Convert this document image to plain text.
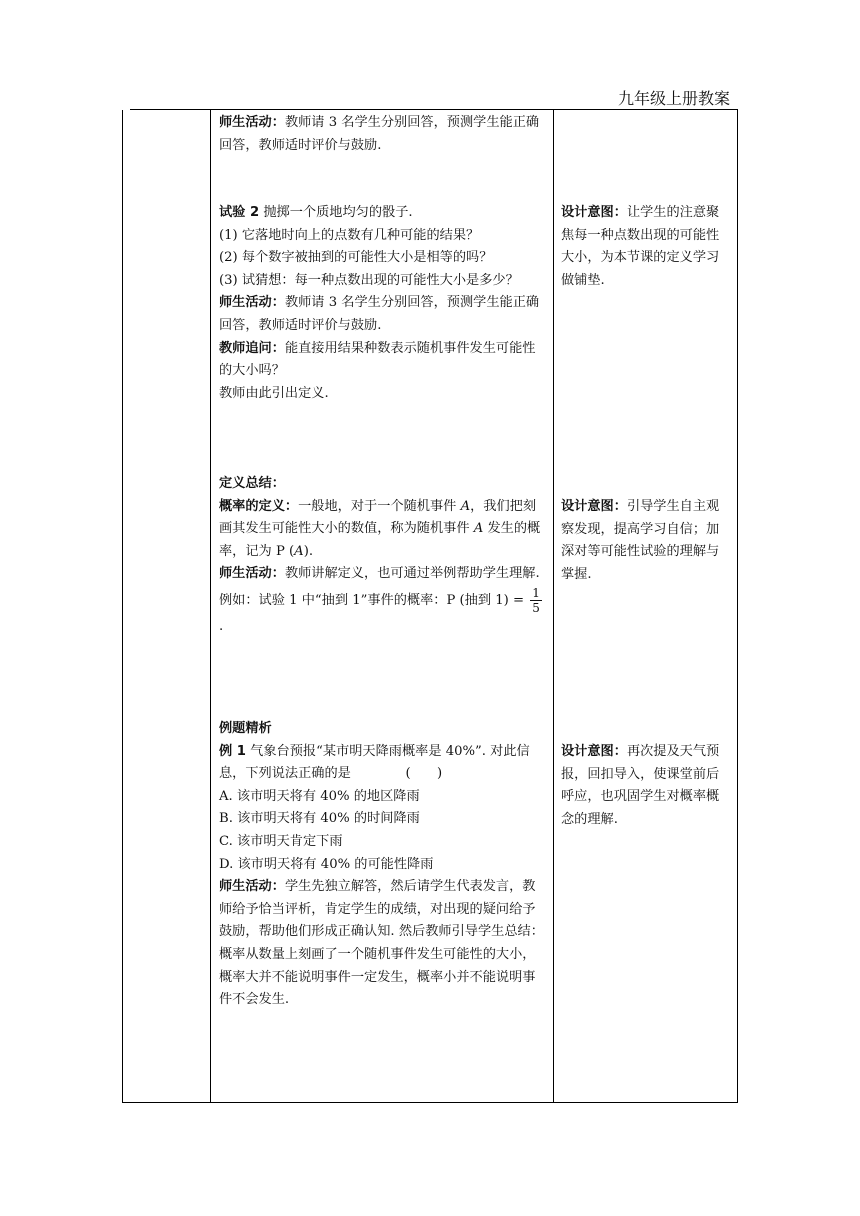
九年级上册教案

师生活动：教师请 3 名学生分别回答，预测学生能正确回答，教师适时评价与鼓励.

试验 2 抛掷一个质地均匀的骰子.

(1) 它落地时向上的点数有几种可能的结果？

(2) 每个数字被抽到的可能性大小是相等的吗？

(3) 试猜想：每一种点数出现的可能性大小是多少？

师生活动：教师请 3 名学生分别回答，预测学生能正确回答，教师适时评价与鼓励.

教师追问：能直接用结果种数表示随机事件发生可能性的大小吗？

教师由此引出定义.

设计意图：让学生的注意聚焦每一种点数出现的可能性大小，为本节课的定义学习做铺垫.

定义总结：

概率的定义：一般地，对于一个随机事件 A，我们把刻画其发生可能性大小的数值，称为随机事件 A 发生的概率，记为 P (A).

师生活动：教师讲解定义，也可通过举例帮助学生理解.

例如：试验 1 中“抽到 1”事件的概率：P (抽到 $1) = \frac{1}{5}$
.

设计意图：引导学生自主观察发现，提高学习自信；加深对等可能性试验的理解与掌握.

例题精析

例 1 气象台预报“某市明天降雨概率是 40%”. 对此信息，下列说法正确的是	(　　)

A. 该市明天将有 40% 的地区降雨

B. 该市明天将有 40% 的时间降雨

C. 该市明天肯定下雨

D. 该市明天将有 40% 的可能性降雨

师生活动：学生先独立解答，然后请学生代表发言，教师给予恰当评析，肯定学生的成绩，对出现的疑问给予鼓励，帮助他们形成正确认知. 然后教师引导学生总结：

概率从数量上刻画了一个随机事件发生可能性的大小，概率大并不能说明事件一定发生，概率小并不能说明事件不会发生.

设计意图：再次提及天气预报，回扣导入，使课堂前后呼应，也巩固学生对概率概念的理解.
